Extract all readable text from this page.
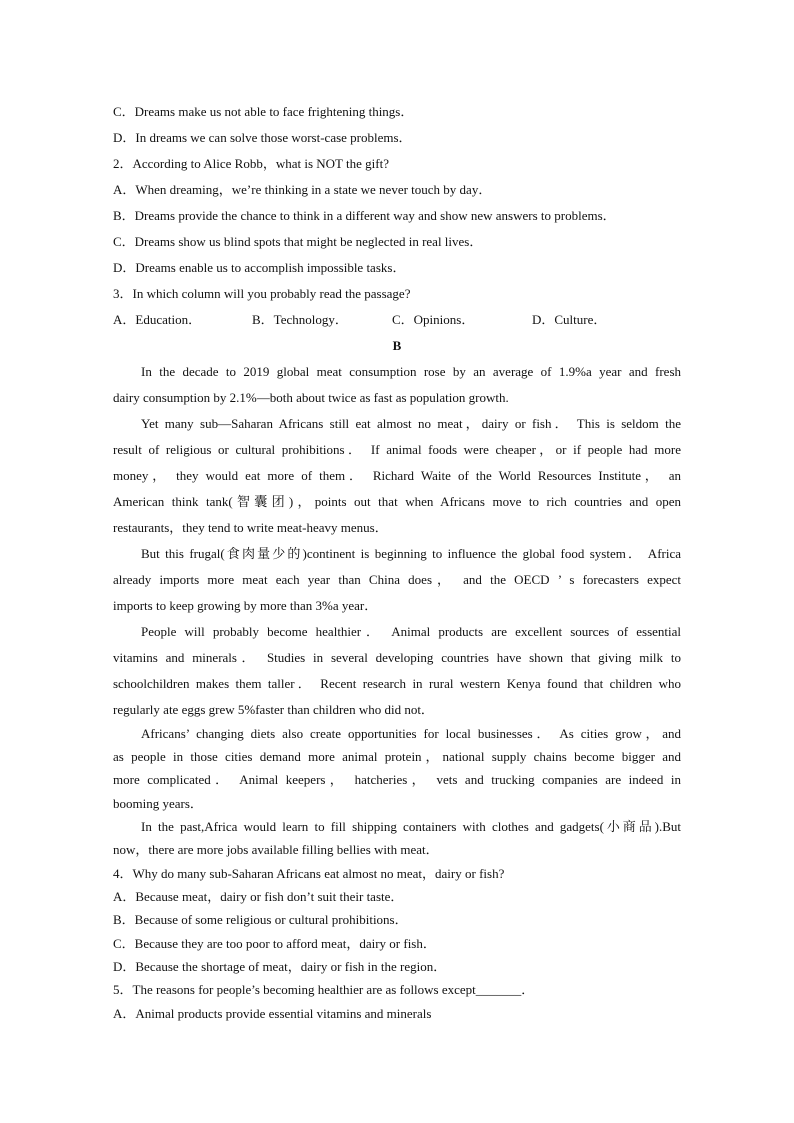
C．Dreams make us not able to face frightening things．
D．In dreams we can solve those worst-case problems．
2．According to Alice Robb，what is NOT the gift?
A．When dreaming，we’re thinking in a state we never touch by day．
B．Dreams provide the chance to think in a different way and show new answers to problems．
C．Dreams show us blind spots that might be neglected in real lives．
D．Dreams enable us to accomplish impossible tasks．
3．In which column will you probably read the passage?
A．Education．	B．Technology．	C．Opinions．	D．Culture．
B
In the decade to 2019 global meat consumption rose by an average of 1.9%a year and fresh
dairy consumption by 2.1%—both about twice as fast as population growth.
Yet many sub—Saharan Africans still eat almost no meat，dairy or fish． This is seldom the
result of religious or cultural prohibitions． If animal foods were cheaper，or if people had more
money， they would eat more of them． Richard Waite of the World Resources Institute， an
American think tank(智囊团)，points out that when Africans move to rich countries and open
restaurants，they tend to write meat-heavy menus．
But this frugal(食肉量少的)continent is beginning to influence the global food system． Africa
already imports more meat each year than China does， and the OECD ’ s forecasters expect
imports to keep growing by more than 3%a year．
People will probably become healthier． Animal products are excellent sources of essential
vitamins and minerals． Studies in several developing countries have shown that giving milk to
schoolchildren makes them taller． Recent research in rural western Kenya found that children who
regularly ate eggs grew 5%faster than children who did not．
Africans’ changing diets also create opportunities for local businesses． As cities grow，and
as people in those cities demand more animal protein，national supply chains become bigger and
more complicated． Animal keepers， hatcheries， vets and trucking companies are indeed in
booming years．
In the past,Africa would learn to fill shipping containers with clothes and gadgets(小商品).But
now，there are more jobs available filling bellies with meat．
4．Why do many sub-Saharan Africans eat almost no meat，dairy or fish?
A．Because meat，dairy or fish don’t suit their taste．
B．Because of some religious or cultural prohibitions．
C．Because they are too poor to afford meat，dairy or fish．
D．Because the shortage of meat，dairy or fish in the region．
5．The reasons for people’s becoming healthier are as follows except_______．
A．Animal products provide essential vitamins and minerals
